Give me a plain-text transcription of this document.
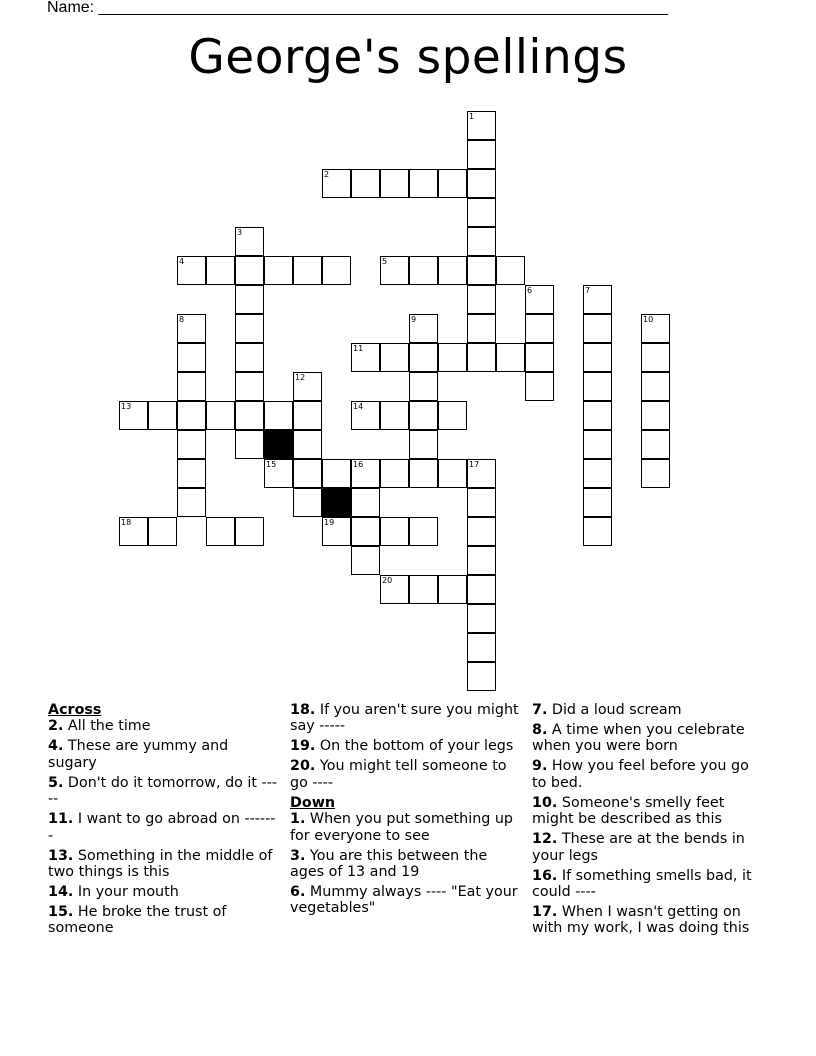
Name: ________________________________________________________________
George's spellings
1
2
3
4	5
6	7
8	9	10
11
12
13	14
15	16	17
18	19
20
Across
2. All the time
4. These are yummy and sugary
5. Don't do it tomorrow, do it -----
11. I want to go abroad on -------
13. Something in the middle of two things is this
14. In your mouth
15. He broke the trust of someone
18. If you aren't sure you might say -----
19. On the bottom of your legs
20. You might tell someone to go ----
Down
1. When you put something up for everyone to see
3. You are this between the ages of 13 and 19
6. Mummy always ---- "Eat your vegetables"
7. Did a loud scream
8. A time when you celebrate when you were born
9. How you feel before you go to bed.
10. Someone's smelly feet might be described as this
12. These are at the bends in your legs
16. If something smells bad, it could ----
17. When I wasn't getting on with my work, I was doing this
